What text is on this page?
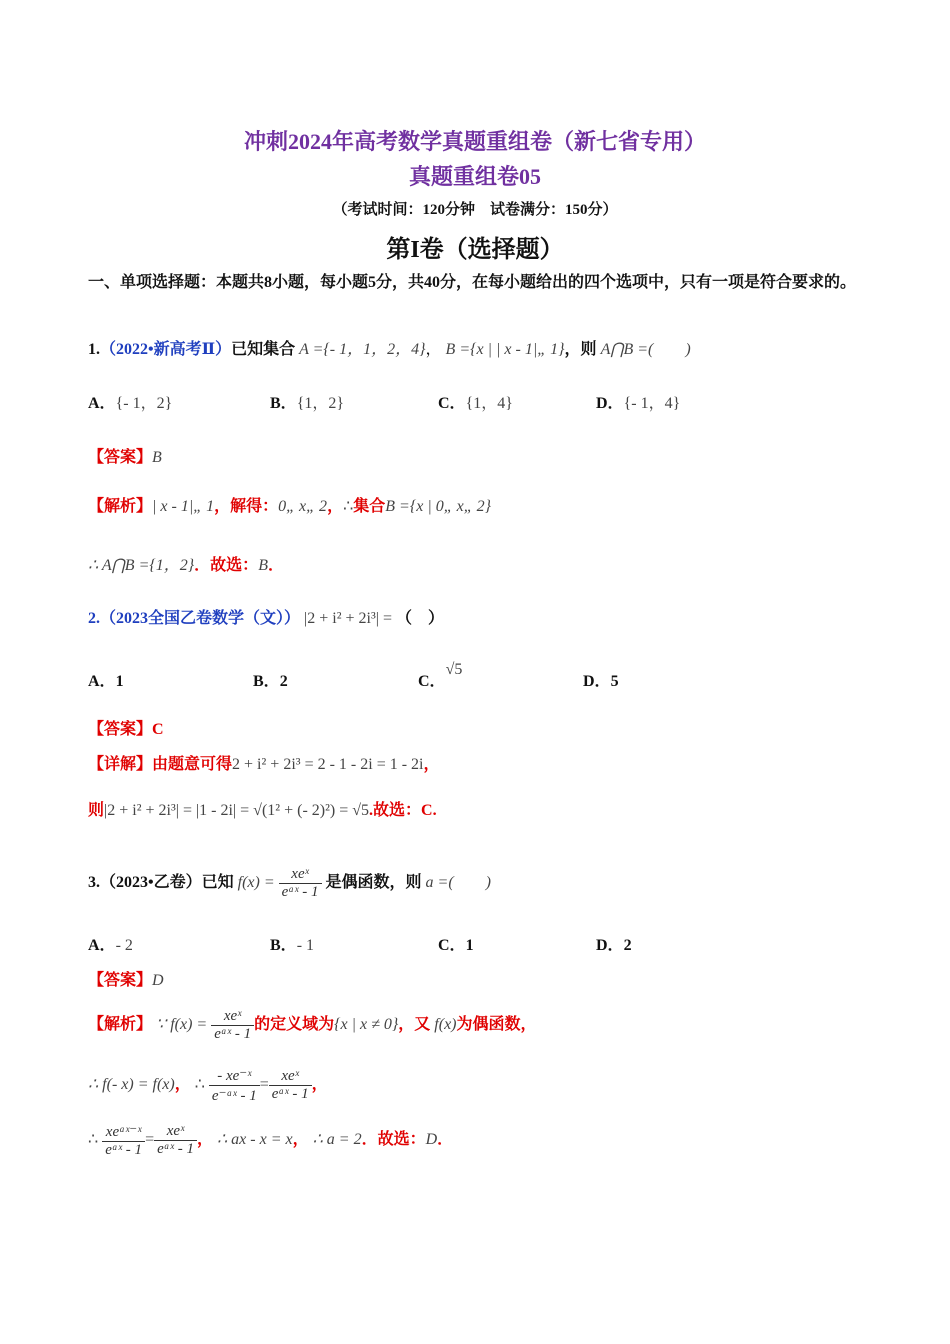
冲刺2024年高考数学真题重组卷（新七省专用）
真题重组卷05
（考试时间：120分钟　试卷满分：150分）
第I卷（选择题）
一、单项选择题：本题共8小题，每小题5分，共40分，在每小题给出的四个选项中，只有一项是符合要求的。
1.（2022•新高考Ⅱ）已知集合 A ={- 1，1，2，4}， B ={x | | x - 1|„ 1}，则 A⋂B =(　　)
A．{- 1，2}	B．{1，2}	C．{1，4}	D．{- 1，4}
【答案】B
【解析】| x - 1|„ 1，解得：0„ x„ 2，∴集合B ={x | 0„ x„ 2}
∴ A⋂B ={1，2}．故选：B．
2.（2023全国乙卷数学（文）） |2 + i² + 2i³| = （　）
A．1	B．2	C．√5
D．5
【答案】C
【详解】由题意可得2 + i² + 2i³ = 2 - 1 - 2i = 1 - 2i，
则|2 + i² + 2i³| = |1 - 2i| = √(1² + (- 2)²) = √5.故选：C.
3.（2023•乙卷）已知 $f(x) = \frac{\text{xeˣ}}{\text{eᵃˣ - 1}}$ 是偶函数，则 a =(　　)
A．- 2	B．- 1	C．1	D．2
【答案】D
【解析】 ∵ $f(x) = \frac{\text{xeˣ}}{\text{eᵃˣ - 1}}$ 的定义域为{x | x ≠ 0}，又 f(x)为偶函数，
∴ f(- x) = f(x)， ∴ $\frac{\text{- xe⁻ˣ}}{\text{e⁻ᵃˣ - 1}} = \frac{\text{xeˣ}}{\text{eᵃˣ - 1}}$ ，
∴ $\frac{\text{xeᵃˣ⁻ˣ}}{\text{eᵃˣ - 1}} = \frac{\text{xeˣ}}{\text{eᵃˣ - 1}}$ ， ∴ ax - x = x， ∴ a = 2．故选：D．
